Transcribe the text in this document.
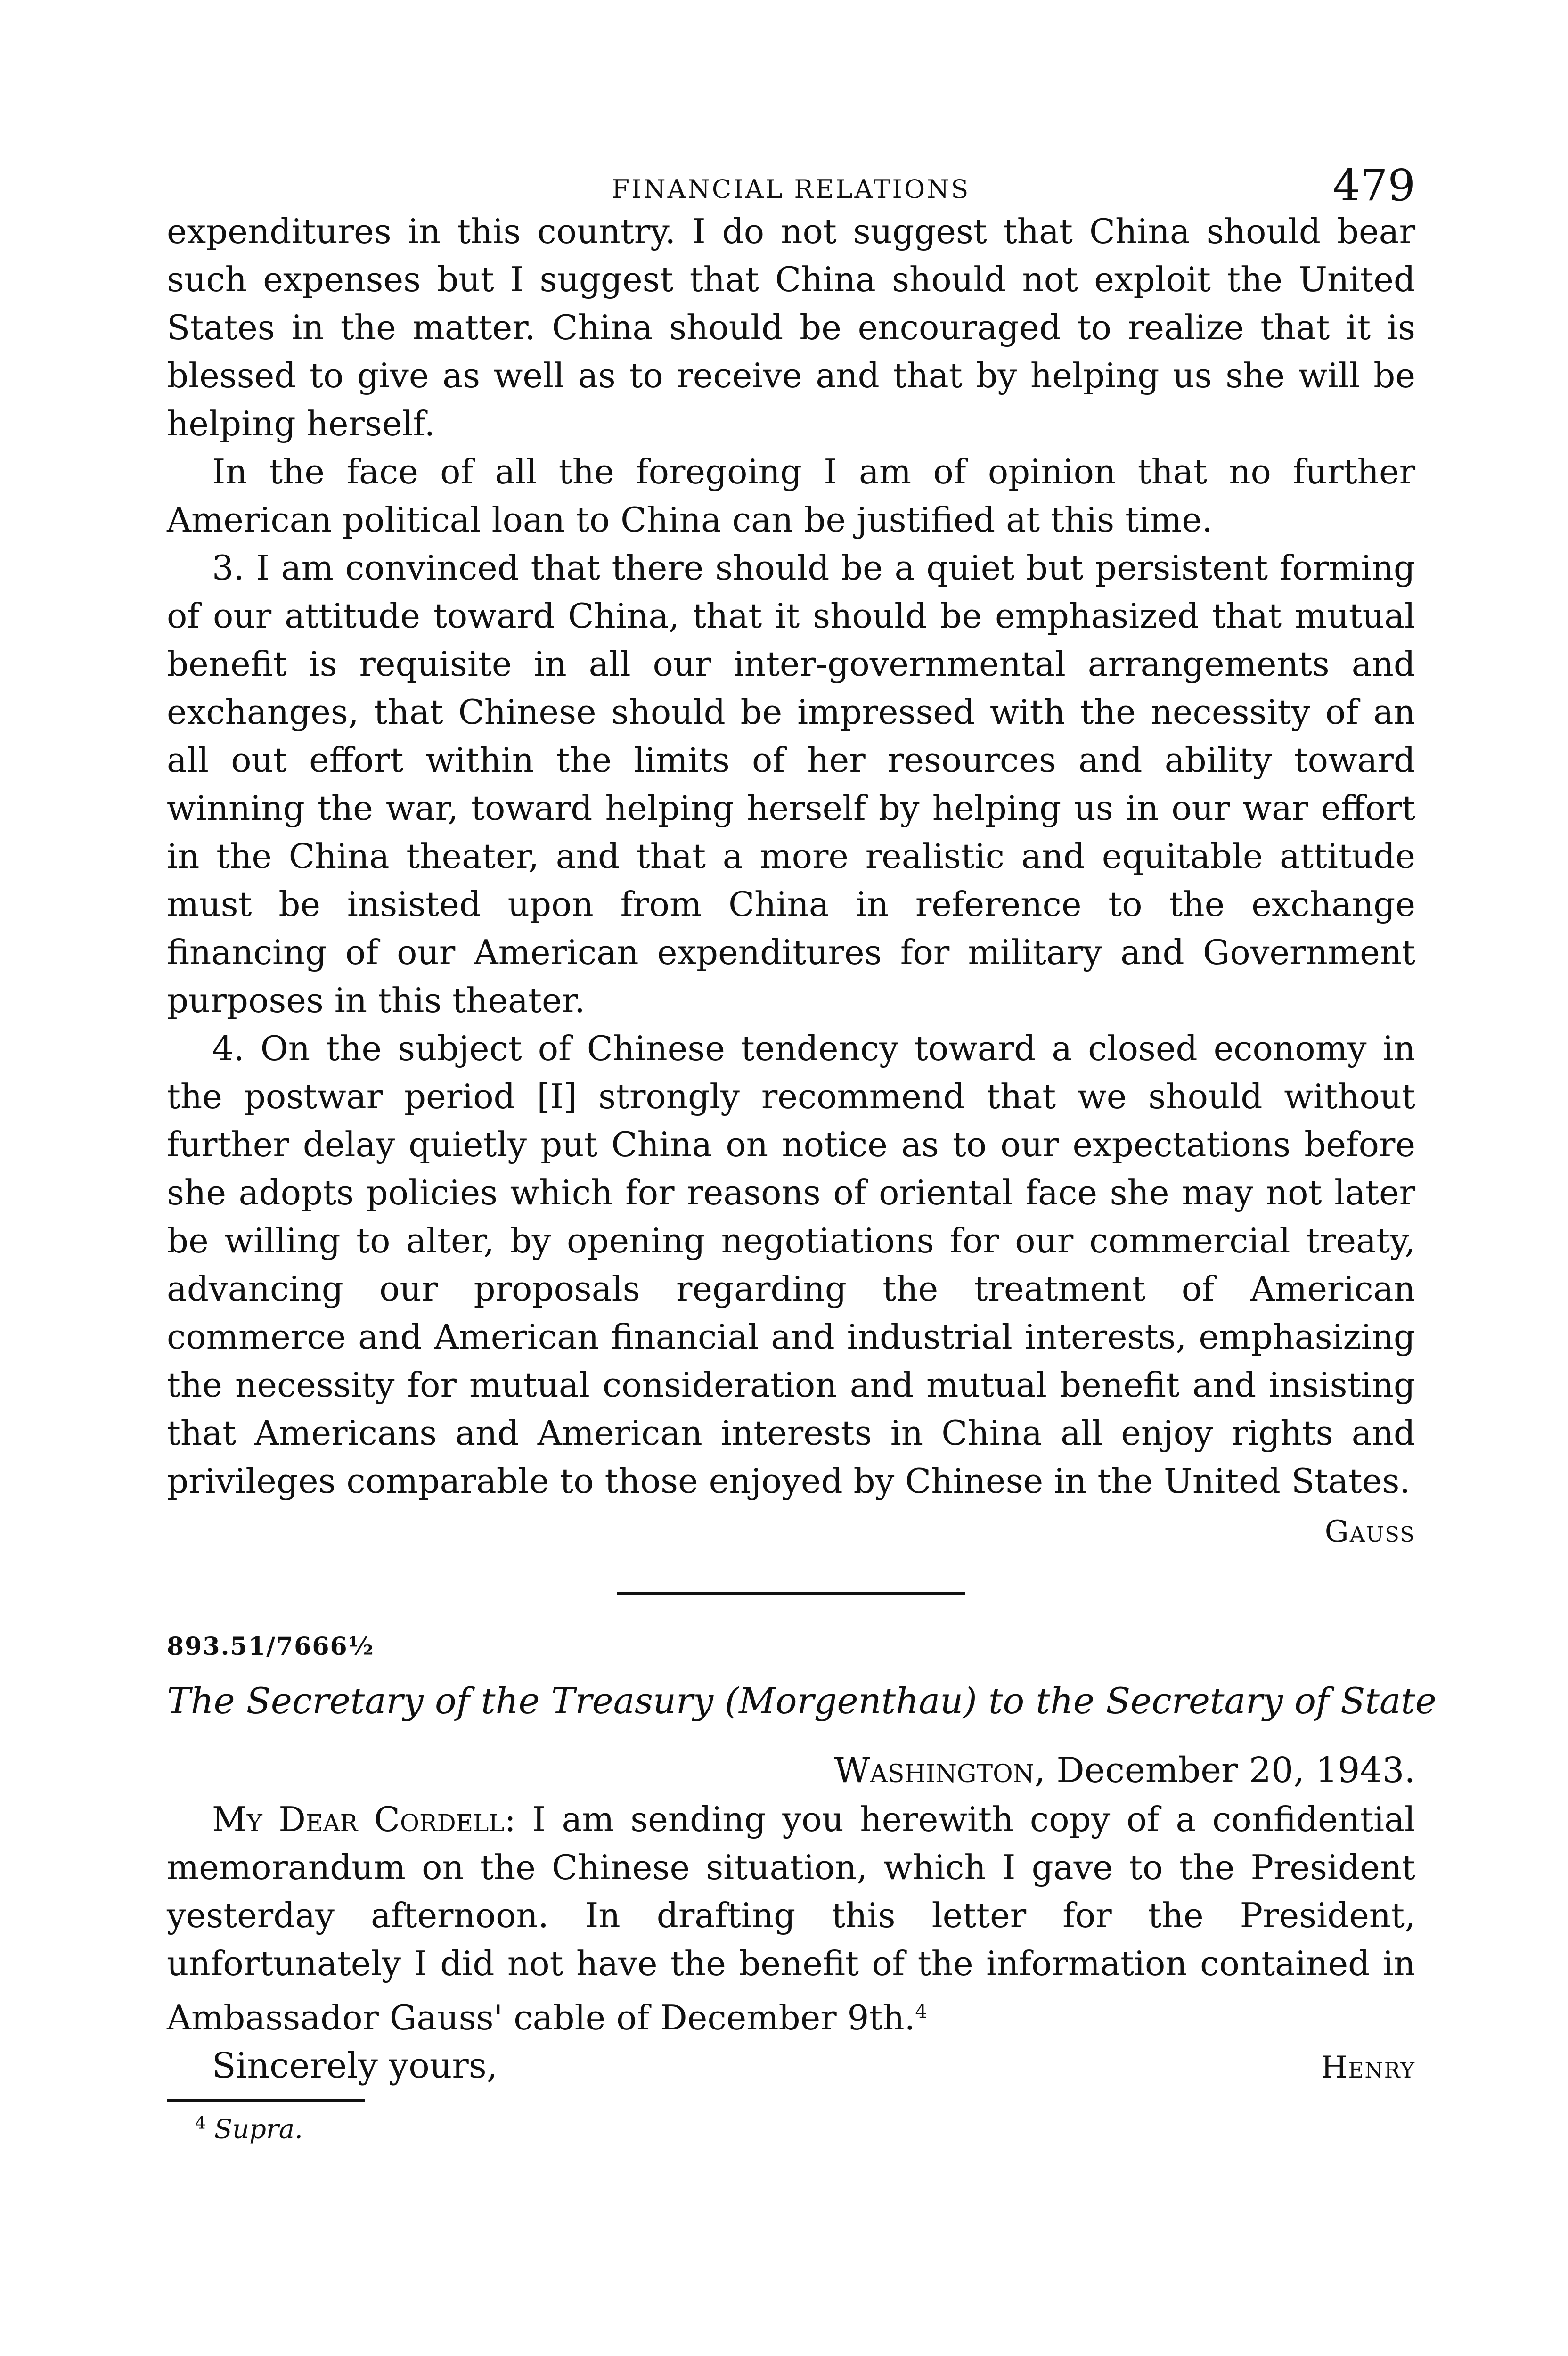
FINANCIAL RELATIONS	479

expenditures in this country. I do not suggest that China should bear such expenses but I suggest that China should not exploit the United States in the matter. China should be encouraged to realize that it is blessed to give as well as to receive and that by helping us she will be helping herself.

In the face of all the foregoing I am of opinion that no further American political loan to China can be justified at this time.

3. I am convinced that there should be a quiet but persistent forming of our attitude toward China, that it should be emphasized that mutual benefit is requisite in all our inter-governmental arrangements and exchanges, that Chinese should be impressed with the necessity of an all out effort within the limits of her resources and ability toward winning the war, toward helping herself by helping us in our war effort in the China theater, and that a more realistic and equitable attitude must be insisted upon from China in reference to the exchange financing of our American expenditures for military and Government purposes in this theater.

4. On the subject of Chinese tendency toward a closed economy in the postwar period [I] strongly recommend that we should without further delay quietly put China on notice as to our expectations before she adopts policies which for reasons of oriental face she may not later be willing to alter, by opening negotiations for our commercial treaty, advancing our proposals regarding the treatment of American commerce and American financial and industrial interests, emphasizing the necessity for mutual consideration and mutual benefit and insisting that Americans and American interests in China all enjoy rights and privileges comparable to those enjoyed by Chinese in the United States.

Gauss
893.51/7666½
The Secretary of the Treasury (Morgenthau) to the Secretary of State
Washington, December 20, 1943.

My Dear Cordell: I am sending you herewith copy of a confidential memorandum on the Chinese situation, which I gave to the President yesterday afternoon. In drafting this letter for the President, unfortunately I did not have the benefit of the information contained in Ambassador Gauss' cable of December 9th.$^4$

Sincerely yours,	Henry
$^4$ Supra.
